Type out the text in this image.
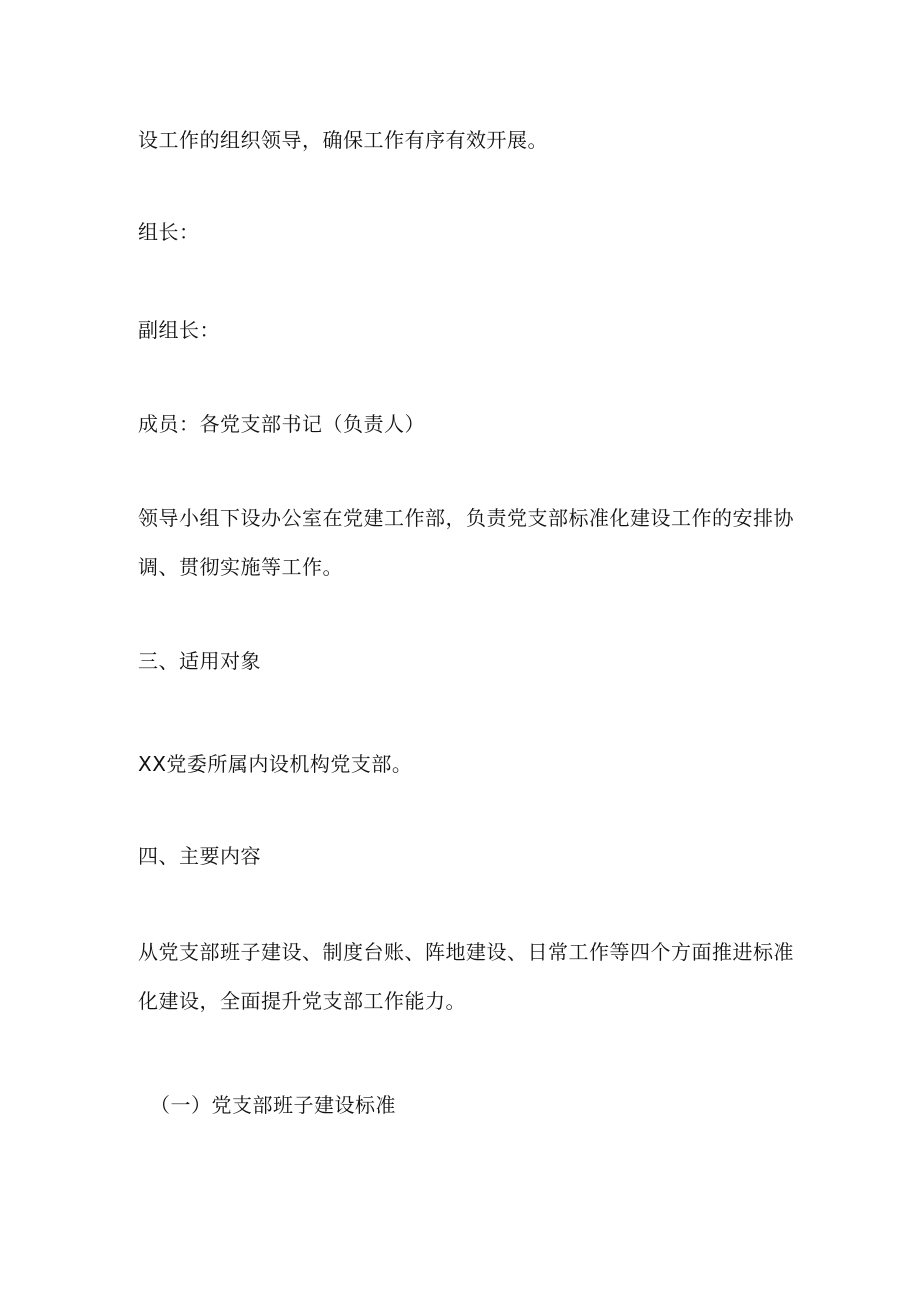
设工作的组织领导，确保工作有序有效开展。
组长：
副组长：
成员：各党支部书记（负责人）
领导小组下设办公室在党建工作部，负责党支部标准化建设工作的安排协
调、贯彻实施等工作。
三、适用对象
XX党委所属内设机构党支部。
四、主要内容
从党支部班子建设、制度台账、阵地建设、日常工作等四个方面推进标准
化建设，全面提升党支部工作能力。
（一）党支部班子建设标准
